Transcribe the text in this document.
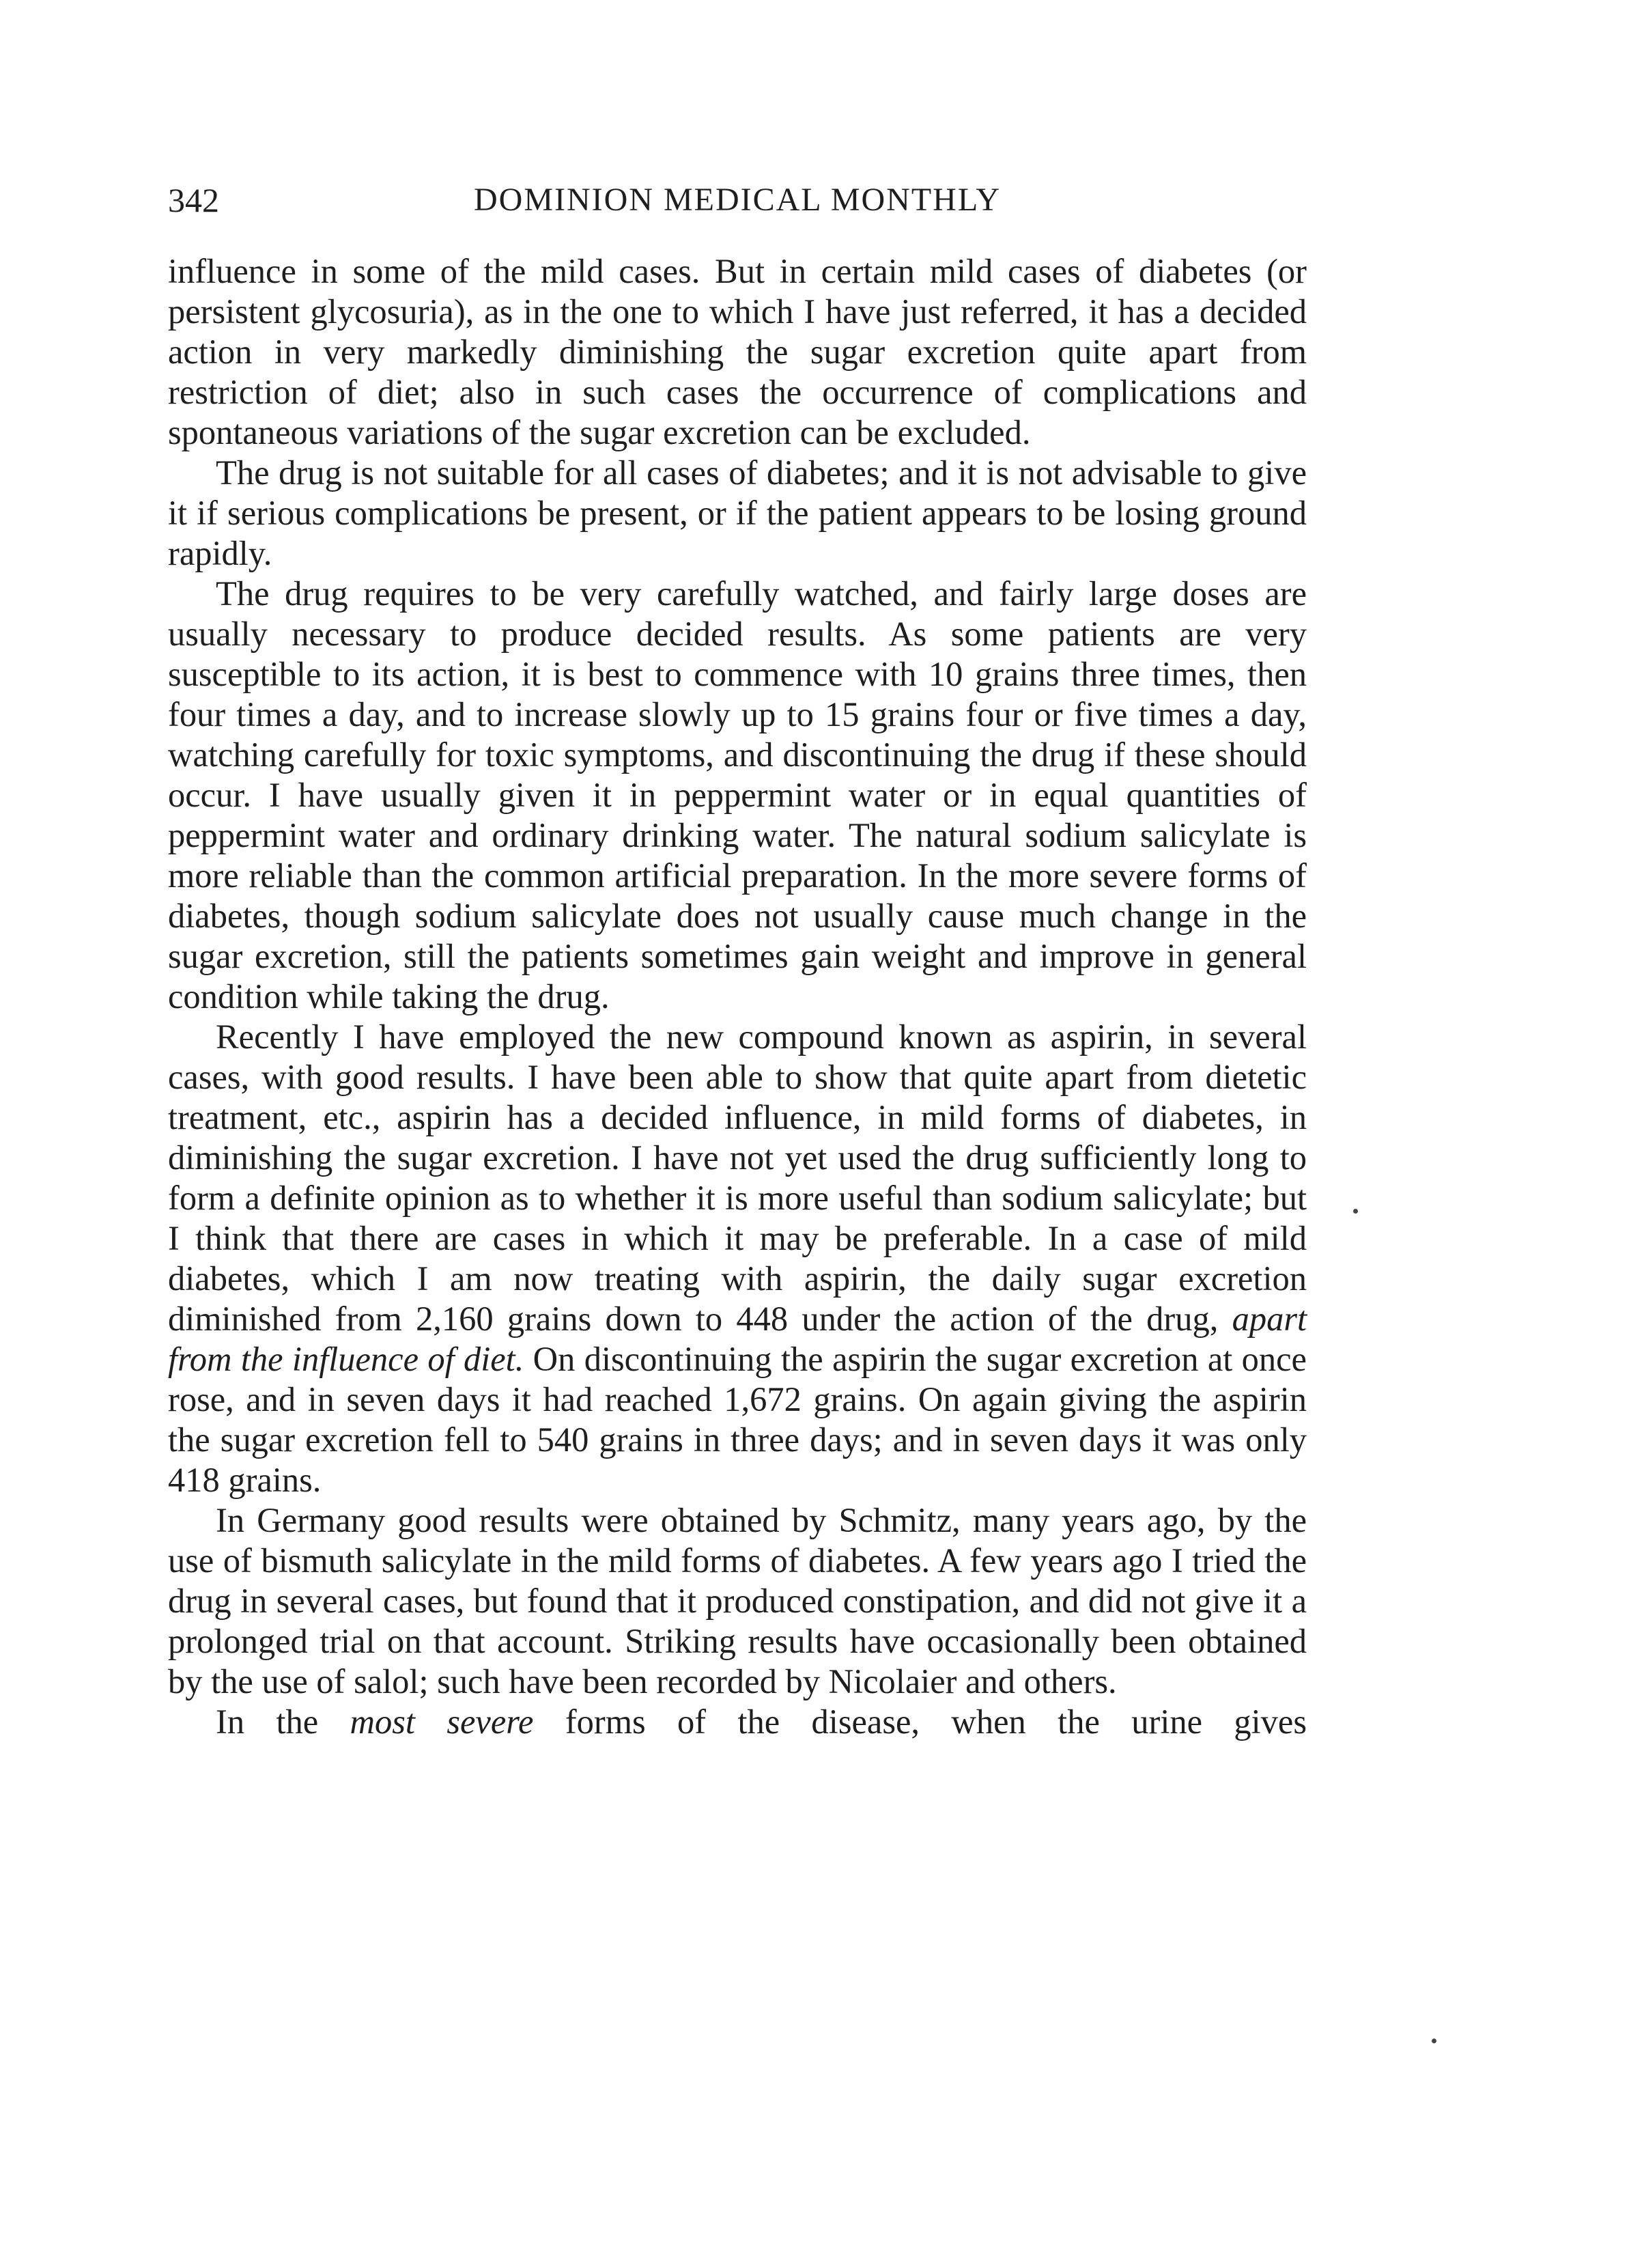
342	DOMINION MEDICAL MONTHLY

influence in some of the mild cases. But in certain mild cases of diabetes (or persistent glycosuria), as in the one to which I have just referred, it has a decided action in very markedly diminishing the sugar excretion quite apart from restriction of diet; also in such cases the occurrence of complications and spontaneous variations of the sugar excretion can be excluded.

The drug is not suitable for all cases of diabetes; and it is not advisable to give it if serious complications be present, or if the patient appears to be losing ground rapidly.

The drug requires to be very carefully watched, and fairly large doses are usually necessary to produce decided results. As some patients are very susceptible to its action, it is best to commence with 10 grains three times, then four times a day, and to increase slowly up to 15 grains four or five times a day, watching carefully for toxic symptoms, and discontinuing the drug if these should occur. I have usually given it in peppermint water or in equal quantities of peppermint water and ordinary drinking water. The natural sodium salicylate is more reliable than the common artificial preparation. In the more severe forms of diabetes, though sodium salicylate does not usually cause much change in the sugar excretion, still the patients sometimes gain weight and improve in general condition while taking the drug.

Recently I have employed the new compound known as aspirin, in several cases, with good results. I have been able to show that quite apart from dietetic treatment, etc., aspirin has a decided influence, in mild forms of diabetes, in diminishing the sugar excretion. I have not yet used the drug sufficiently long to form a definite opinion as to whether it is more useful than sodium salicylate; but I think that there are cases in which it may be preferable. In a case of mild diabetes, which I am now treating with aspirin, the daily sugar excretion diminished from 2,160 grains down to 448 under the action of the drug, apart from the influence of diet. On discontinuing the aspirin the sugar excretion at once rose, and in seven days it had reached 1,672 grains. On again giving the aspirin the sugar excretion fell to 540 grains in three days; and in seven days it was only 418 grains.

In Germany good results were obtained by Schmitz, many years ago, by the use of bismuth salicylate in the mild forms of diabetes. A few years ago I tried the drug in several cases, but found that it produced constipation, and did not give it a prolonged trial on that account. Striking results have occasionally been obtained by the use of salol; such have been recorded by Nicolaier and others.

In the most severe forms of the disease, when the urine gives
